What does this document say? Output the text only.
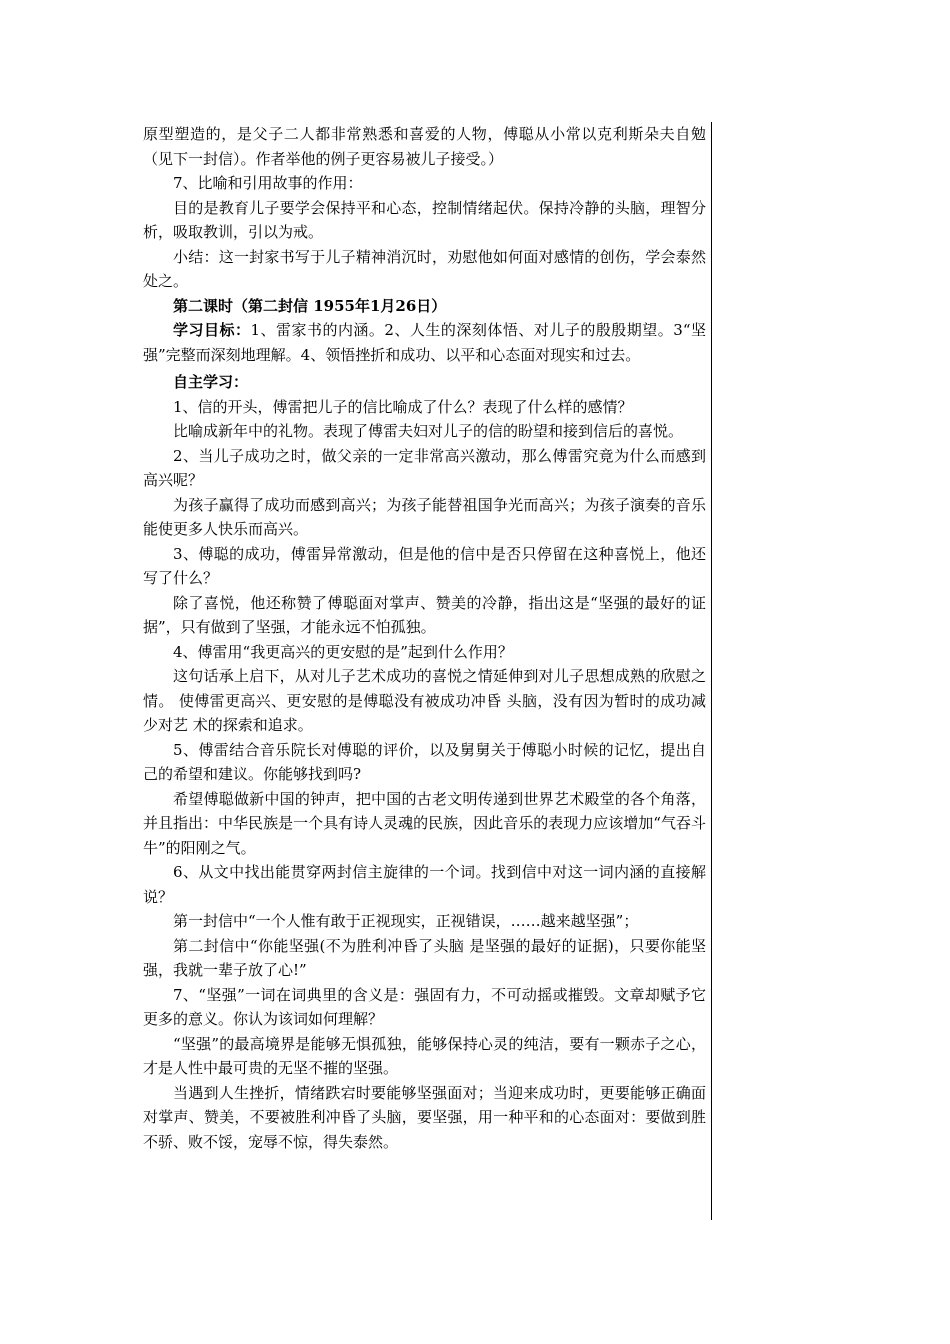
原型塑造的，是父子二人都非常熟悉和喜爱的人物，傅聪从小常以克利斯朵夫自勉（见下一封信）。作者举他的例子更容易被儿子接受。）

7、比喻和引用故事的作用：

目的是教育儿子要学会保持平和心态，控制情绪起伏。保持冷静的头脑，理智分析，吸取教训，引以为戒。

小结：这一封家书写于儿子精神消沉时，劝慰他如何面对感情的创伤，学会泰然处之。

第二课时（第二封信 1955年1月26日）

学习目标：1、雷家书的内涵。2、人生的深刻体悟、对儿子的殷殷期望。3“坚强”完整而深刻地理解。4、领悟挫折和成功、以平和心态面对现实和过去。

自主学习：

1、信的开头，傅雷把儿子的信比喻成了什么？表现了什么样的感情？

比喻成新年中的礼物。表现了傅雷夫妇对儿子的信的盼望和接到信后的喜悦。

2、当儿子成功之时，做父亲的一定非常高兴激动，那么傅雷究竟为什么而感到高兴呢？

为孩子赢得了成功而感到高兴；为孩子能替祖国争光而高兴；为孩子演奏的音乐能使更多人快乐而高兴。

3、傅聪的成功，傅雷异常激动，但是他的信中是否只停留在这种喜悦上，他还写了什么？

除了喜悦，他还称赞了傅聪面对掌声、赞美的冷静，指出这是“坚强的最好的证据”，只有做到了坚强，才能永远不怕孤独。

4、傅雷用“我更高兴的更安慰的是”起到什么作用？

这句话承上启下，从对儿子艺术成功的喜悦之情延伸到对儿子思想成熟的欣慰之情。 使傅雷更高兴、更安慰的是傅聪没有被成功冲昏 头脑，没有因为暂时的成功减少对艺 术的探索和追求。

5、傅雷结合音乐院长对傅聪的评价，以及舅舅关于傅聪小时候的记忆，提出自己的希望和建议。你能够找到吗?

希望傅聪做新中国的钟声，把中国的古老文明传递到世界艺术殿堂的各个角落，并且指出：中华民族是一个具有诗人灵魂的民族，因此音乐的表现力应该增加“气吞斗牛”的阳刚之气。

6、从文中找出能贯穿两封信主旋律的一个词。找到信中对这一词内涵的直接解说？

第一封信中“一个人惟有敢于正视现实，正视错误，……越来越坚强”；

第二封信中“你能坚强(不为胜利冲昏了头脑 是坚强的最好的证据)，只要你能坚强，我就一辈子放了心!”

7、“坚强”一词在词典里的含义是：强固有力，不可动摇或摧毁。文章却赋予它更多的意义。你认为该词如何理解？

“坚强”的最高境界是能够无惧孤独，能够保持心灵的纯洁，要有一颗赤子之心，才是人性中最可贵的无坚不摧的坚强。

当遇到人生挫折，情绪跌宕时要能够坚强面对；当迎来成功时，更要能够正确面对掌声、赞美，不要被胜利冲昏了头脑，要坚强，用一种平和的心态面对：要做到胜不骄、败不馁，宠辱不惊，得失泰然。
